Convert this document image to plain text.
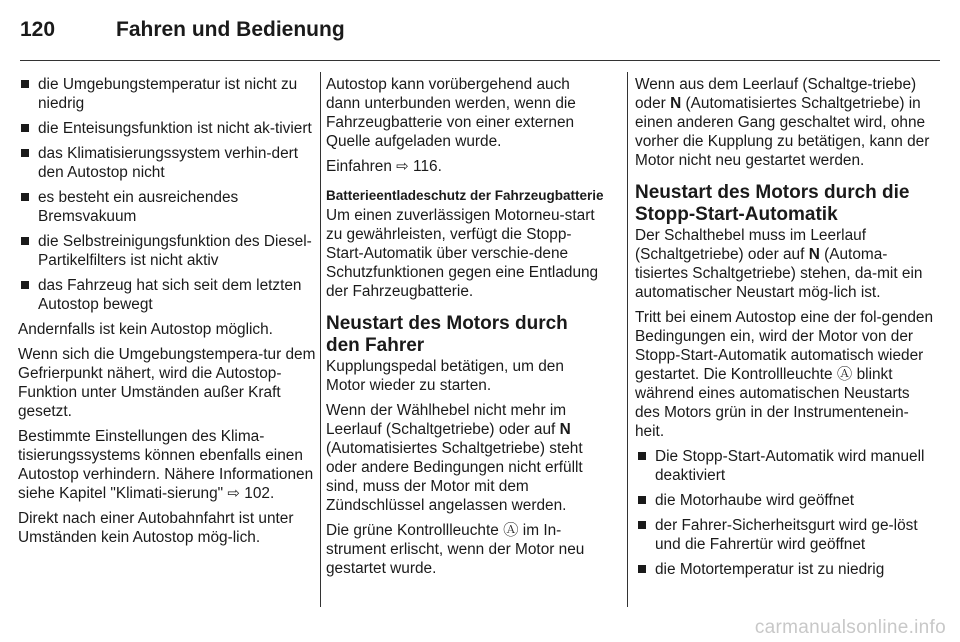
120	Fahren und Bedienung
die Umgebungstemperatur ist nicht zu niedrig
die Enteisungsfunktion ist nicht ak-tiviert
das Klimatisierungssystem verhin-dert den Autostop nicht
es besteht ein ausreichendes Bremsvakuum
die Selbstreinigungsfunktion des Diesel-Partikelfilters ist nicht aktiv
das Fahrzeug hat sich seit dem letzten Autostop bewegt

Andernfalls ist kein Autostop möglich.

Wenn sich die Umgebungstempera-tur dem Gefrierpunkt nähert, wird die Autostop-Funktion unter Umständen außer Kraft gesetzt.

Bestimmte Einstellungen des Klima-tisierungssystems können ebenfalls einen Autostop verhindern. Nähere Informationen siehe Kapitel "Klimati-sierung" ⇨ 102.

Direkt nach einer Autobahnfahrt ist unter Umständen kein Autostop mög-lich.

Autostop kann vorübergehend auch dann unterbunden werden, wenn die Fahrzeugbatterie von einer externen Quelle aufgeladen wurde.

Einfahren ⇨ 116.

Batterieentladeschutz der Fahrzeugbatterie

Um einen zuverlässigen Motorneu-start zu gewährleisten, verfügt die Stopp-Start-Automatik über verschie-dene Schutzfunktionen gegen eine Entladung der Fahrzeugbatterie.

Neustart des Motors durch den Fahrer

Kupplungspedal betätigen, um den Motor wieder zu starten.

Wenn der Wählhebel nicht mehr im Leerlauf (Schaltgetriebe) oder auf N (Automatisiertes Schaltgetriebe) steht oder andere Bedingungen nicht erfüllt sind, muss der Motor mit dem Zündschlüssel angelassen werden.

Die grüne Kontrollleuchte Ⓐ im In-strument erlischt, wenn der Motor neu gestartet wurde.

Wenn aus dem Leerlauf (Schaltge-triebe) oder N (Automatisiertes Schaltgetriebe) in einen anderen Gang geschaltet wird, ohne vorher die Kupplung zu betätigen, kann der Motor nicht neu gestartet werden.

Neustart des Motors durch die Stopp-Start-Automatik

Der Schalthebel muss im Leerlauf (Schaltgetriebe) oder auf N (Automa-tisiertes Schaltgetriebe) stehen, da-mit ein automatischer Neustart mög-lich ist.

Tritt bei einem Autostop eine der fol-genden Bedingungen ein, wird der Motor von der Stopp-Start-Automatik automatisch wieder gestartet. Die Kontrollleuchte Ⓐ blinkt während eines automatischen Neustarts des Motors grün in der Instrumentenein-heit.

Die Stopp-Start-Automatik wird manuell deaktiviert
die Motorhaube wird geöffnet
der Fahrer-Sicherheitsgurt wird ge-löst und die Fahrertür wird geöffnet
die Motortemperatur ist zu niedrig
carmanualsonline.info
